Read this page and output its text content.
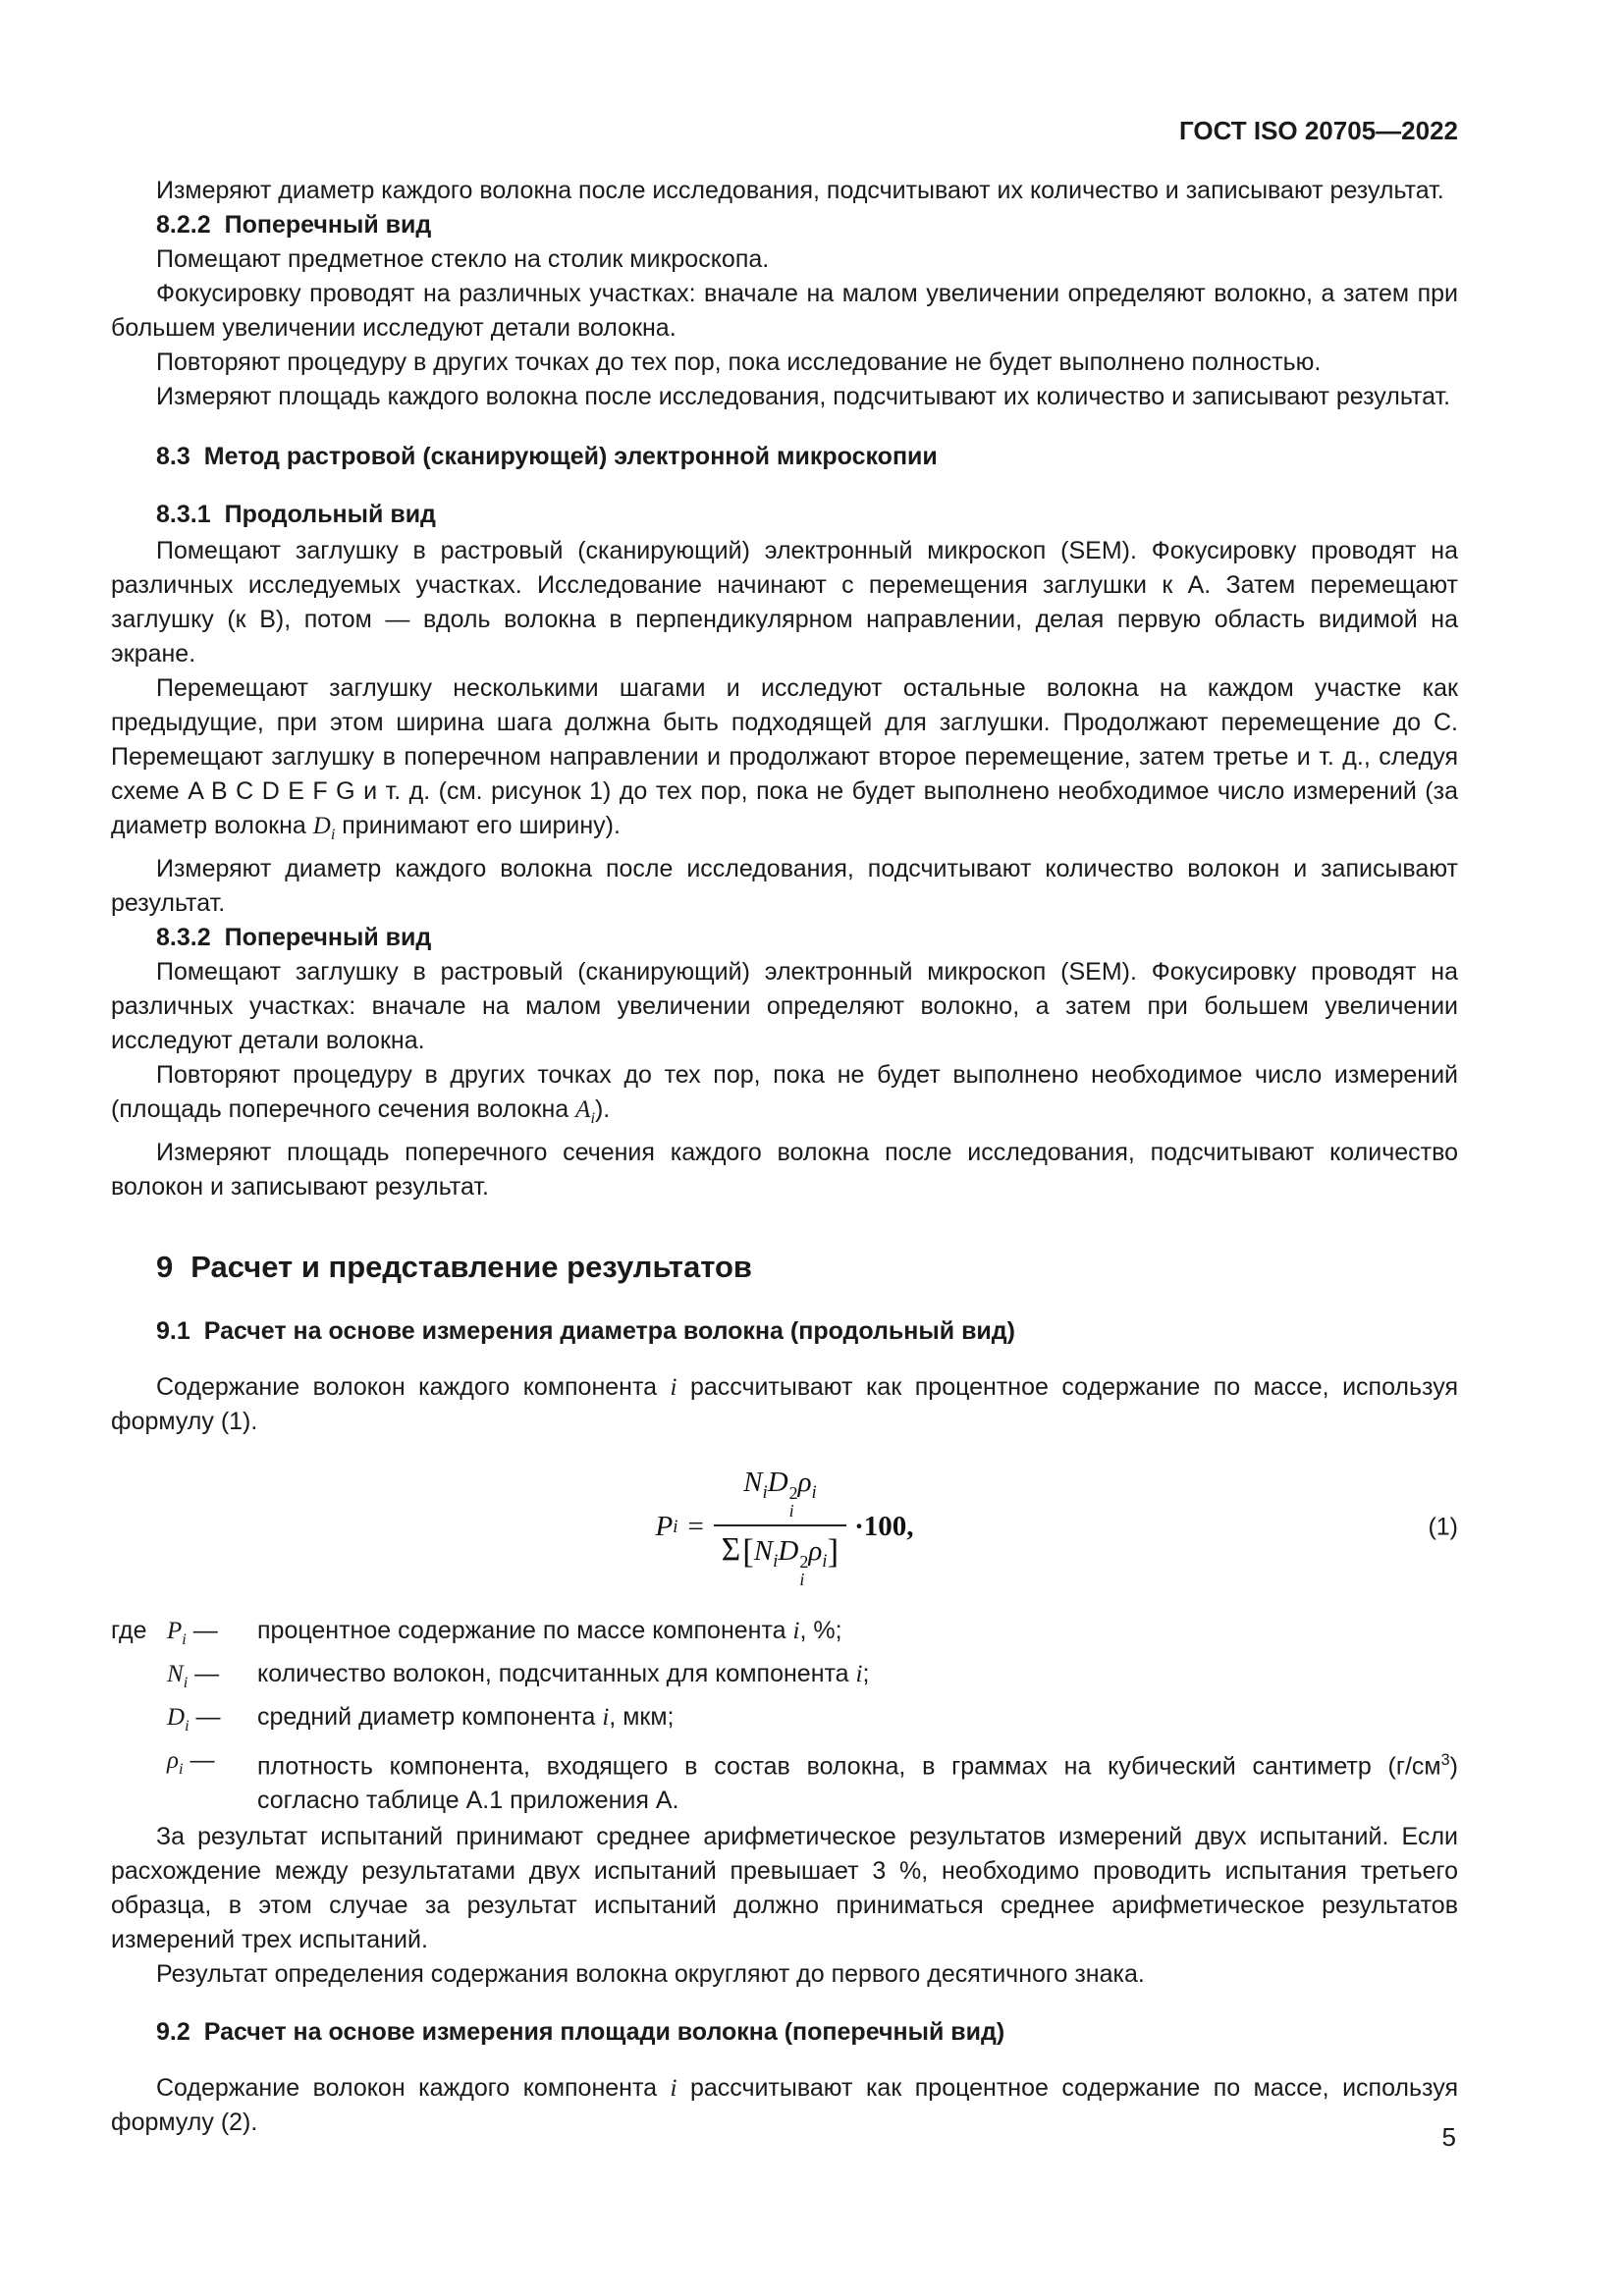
ГОСТ ISO 20705—2022

Измеряют диаметр каждого волокна после исследования, подсчитывают их количество и записывают результат.

8.2.2 Поперечный вид

Помещают предметное стекло на столик микроскопа.

Фокусировку проводят на различных участках: вначале на малом увеличении определяют волокно, а затем при большем увеличении исследуют детали волокна.

Повторяют процедуру в других точках до тех пор, пока исследование не будет выполнено полностью.

Измеряют площадь каждого волокна после исследования, подсчитывают их количество и записывают результат.

8.3 Метод растровой (сканирующей) электронной микроскопии

8.3.1 Продольный вид

Помещают заглушку в растровый (сканирующий) электронный микроскоп (SEM). Фокусировку проводят на различных исследуемых участках. Исследование начинают с перемещения заглушки к A. Затем перемещают заглушку (к B), потом — вдоль волокна в перпендикулярном направлении, делая первую область видимой на экране.

Перемещают заглушку несколькими шагами и исследуют остальные волокна на каждом участке как предыдущие, при этом ширина шага должна быть подходящей для заглушки. Продолжают перемещение до C. Перемещают заглушку в поперечном направлении и продолжают второе перемещение, затем третье и т. д., следуя схеме A B C D E F G и т. д. (см. рисунок 1) до тех пор, пока не будет выполнено необходимое число измерений (за диаметр волокна $D_i$ принимают его ширину).

Измеряют диаметр каждого волокна после исследования, подсчитывают количество волокон и записывают результат.

8.3.2 Поперечный вид

Помещают заглушку в растровый (сканирующий) электронный микроскоп (SEM). Фокусировку проводят на различных участках: вначале на малом увеличении определяют волокно, а затем при большем увеличении исследуют детали волокна.

Повторяют процедуру в других точках до тех пор, пока не будет выполнено необходимое число измерений (площадь поперечного сечения волокна $A_i$).

Измеряют площадь поперечного сечения каждого волокна после исследования, подсчитывают количество волокон и записывают результат.

9 Расчет и представление результатов

9.1 Расчет на основе измерения диаметра волокна (продольный вид)

Содержание волокон каждого компонента i рассчитывают как процентное содержание по массе, используя формулу (1).

P $i = N_iD$ 2
i
$\rho_i$
$\Sigma[N_iD$ 2
i
$\rho_i] \cdot 100$,	(1)
где $P_i$ —	процентное содержание по массе компонента i, %;
$N_i$ —	количество волокон, подсчитанных для компонента i;
$D_i$ —	средний диаметр компонента i, мкм;
$\rho_i$ —	плотность компонента, входящего в состав волокна, в граммах на кубический сантиметр $(г/см^3)$ согласно таблице А.1 приложения А.

За результат испытаний принимают среднее арифметическое результатов измерений двух испытаний. Если расхождение между результатами двух испытаний превышает 3 %, необходимо проводить испытания третьего образца, в этом случае за результат испытаний должно приниматься среднее арифметическое результатов измерений трех испытаний.

Результат определения содержания волокна округляют до первого десятичного знака.

9.2 Расчет на основе измерения площади волокна (поперечный вид)

Содержание волокон каждого компонента i рассчитывают как процентное содержание по массе, используя формулу (2).	5
